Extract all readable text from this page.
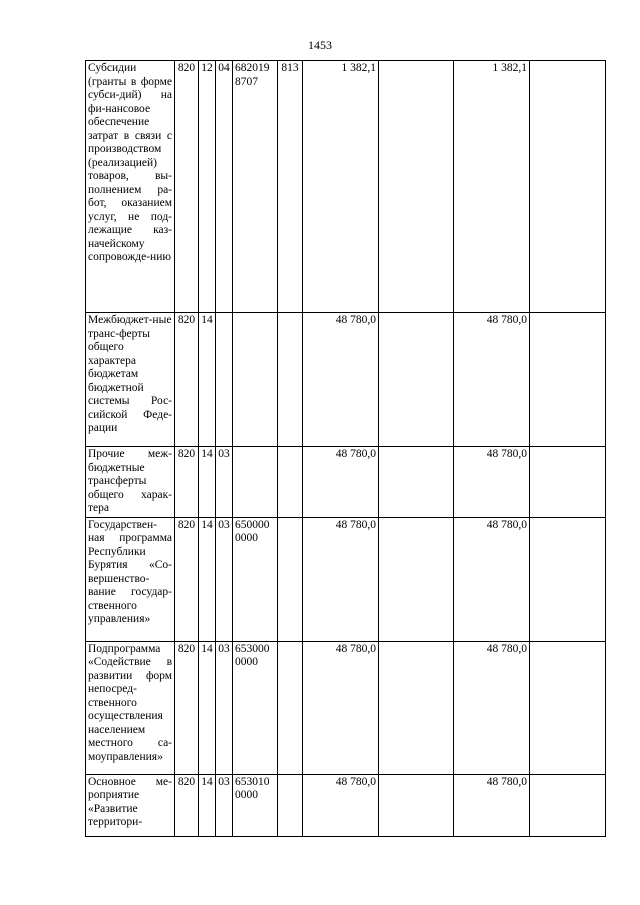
1453
Субсидии (гранты в форме субси-дий) на фи-нансовое обеспечение затрат в связи с производством (реализацией) товаров, вы-полнением ра-бот, оказанием услуг, не под-лежащие каз-начейскому сопровожде-нию	820	12	04	6820198707	813	1 382,1		1 382,1	
Межбюджет-ные транс-ферты общего характера бюджетам бюджетной системы Рос-сийской Феде-рации	820	14				48 780,0		48 780,0	
Прочие меж-бюджетные трансферты общего харак-тера	820	14	03			48 780,0		48 780,0	
Государствен-ная программа Республики Бурятия «Со-вершенство-вание государ-ственного управления»	820	14	03	6500000000		48 780,0		48 780,0	
Подпрограмма «Содействие в развитии форм непосред-ственного осуществления населением местного са-моуправления»	820	14	03	6530000000		48 780,0		48 780,0	
Основное ме-роприятие «Развитие территори-	820	14	03	6530100000		48 780,0		48 780,0	
